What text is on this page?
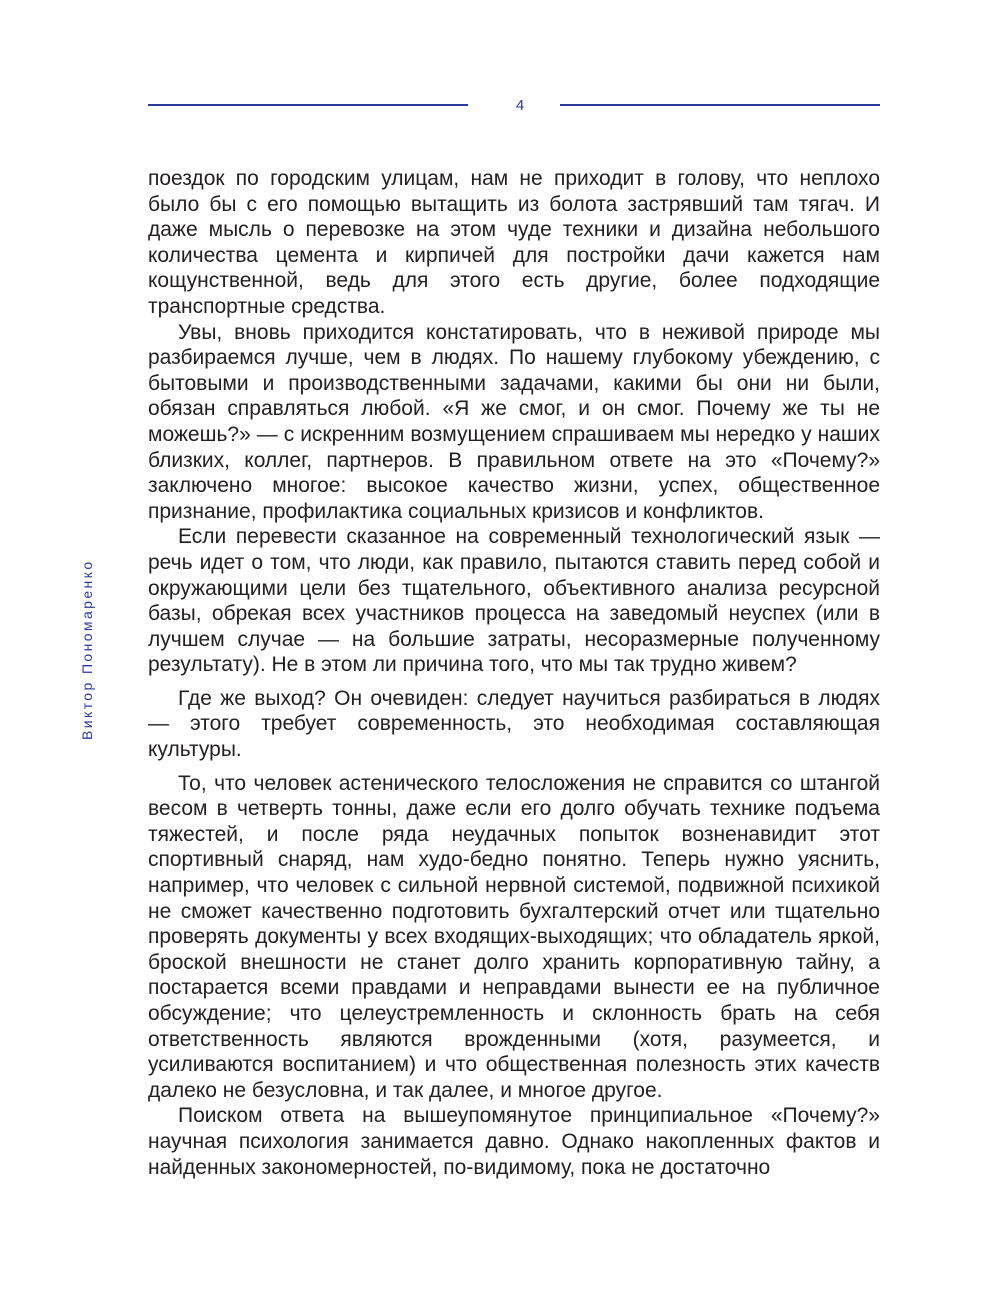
4
Виктор Пономаренко

поездок по городским улицам, нам не приходит в голову, что неплохо было бы с его помощью вытащить из болота застрявший там тягач. И даже мысль о перевозке на этом чуде техники и дизайна небольшого количества цемента и кирпичей для постройки дачи кажется нам кощунственной, ведь для этого есть другие, более подходящие транспортные средства.

Увы, вновь приходится констатировать, что в неживой природе мы разбираемся лучше, чем в людях. По нашему глубокому убеждению, с бытовыми и производственными задачами, какими бы они ни были, обязан справляться любой. «Я же смог, и он смог. Почему же ты не можешь?» — с искренним возмущением спрашиваем мы нередко у наших близких, коллег, партнеров. В правильном ответе на это «Почему?» заключено многое: высокое качество жизни, успех, общественное признание, профилактика социальных кризисов и конфликтов.

Если перевести сказанное на современный технологический язык — речь идет о том, что люди, как правило, пытаются ставить перед собой и окружающими цели без тщательного, объективного анализа ресурсной базы, обрекая всех участников процесса на заведомый неуспех (или в лучшем случае — на большие затраты, несоразмерные полученному результату). Не в этом ли причина того, что мы так трудно живем?

Где же выход? Он очевиден: следует научиться разбираться в людях — этого требует современность, это необходимая составляющая культуры.

То, что человек астенического телосложения не справится со штангой весом в четверть тонны, даже если его долго обучать технике подъема тяжестей, и после ряда неудачных попыток возненавидит этот спортивный снаряд, нам худо-бедно понятно. Теперь нужно уяснить, например, что человек с сильной нервной системой, подвижной психикой не сможет качественно подготовить бухгалтерский отчет или тщательно проверять документы у всех входящих-выходящих; что обладатель яркой, броской внешности не станет долго хранить корпоративную тайну, а постарается всеми правдами и неправдами вынести ее на публичное обсуждение; что целеустремленность и склонность брать на себя ответственность являются врожденными (хотя, разумеется, и усиливаются воспитанием) и что общественная полезность этих качеств далеко не безусловна, и так далее, и многое другое.

Поиском ответа на вышеупомянутое принципиальное «Почему?» научная психология занимается давно. Однако накопленных фактов и найденных закономерностей, по-видимому, пока не достаточно
